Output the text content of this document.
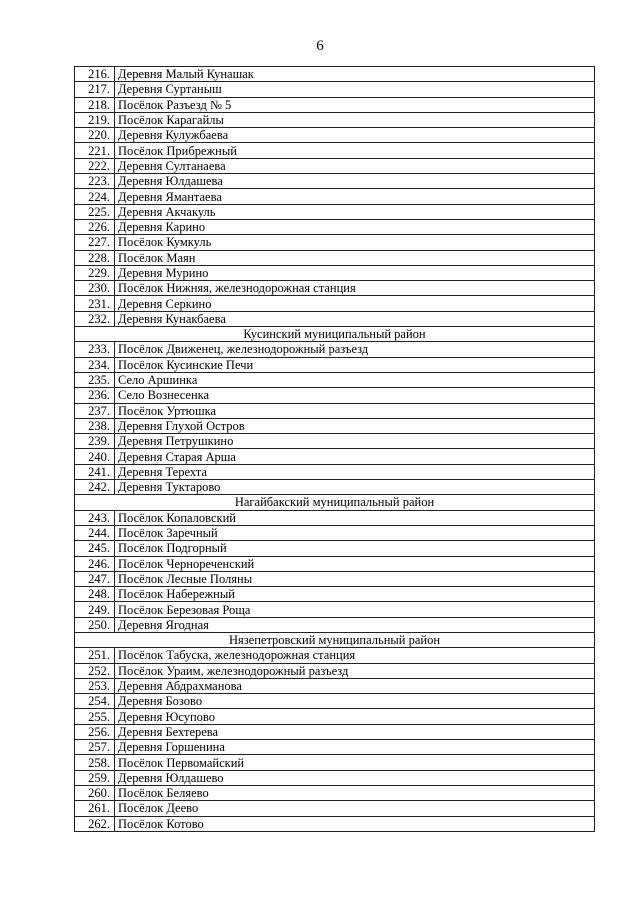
6
216.	Деревня Малый Кунашак
217.	Деревня Суртаныш
218.	Посёлок Разъезд № 5
219.	Посёлок Карагайлы
220.	Деревня Кулужбаева
221.	Посёлок Прибрежный
222.	Деревня Султанаева
223.	Деревня Юлдашева
224.	Деревня Ямантаева
225.	Деревня Акчакуль
226.	Деревня Карино
227.	Посёлок Кумкуль
228.	Посёлок Маян
229.	Деревня Мурино
230.	Посёлок Нижняя, железнодорожная станция
231.	Деревня Серкино
232.	Деревня Кунакбаева
Кусинский муниципальный район	
233.	Посёлок Движенец, железнодорожный разъезд
234.	Посёлок Кусинские Печи
235.	Село Аршинка
236.	Село Вознесенка
237.	Посёлок Уртюшка
238.	Деревня Глухой Остров
239.	Деревня Петрушкино
240.	Деревня Старая Арша
241.	Деревня Терехта
242.	Деревня Туктарово
Нагайбакский муниципальный район	
243.	Посёлок Копаловский
244.	Посёлок Заречный
245.	Посёлок Подгорный
246.	Посёлок Чернореченский
247.	Посёлок Лесные Поляны
248.	Посёлок Набережный
249.	Посёлок Березовая Роща
250.	Деревня Ягодная
Нязепетровский муниципальный район	
251.	Посёлок Табуска, железнодорожная станция
252.	Посёлок Ураим, железнодорожный разъезд
253.	Деревня Абдрахманова
254.	Деревня Бозово
255.	Деревня Юсупово
256.	Деревня Бехтерева
257.	Деревня Горшенина
258.	Посёлок Первомайский
259.	Деревня Юлдашево
260.	Посёлок Беляево
261.	Посёлок Деево
262.	Посёлок Котово
